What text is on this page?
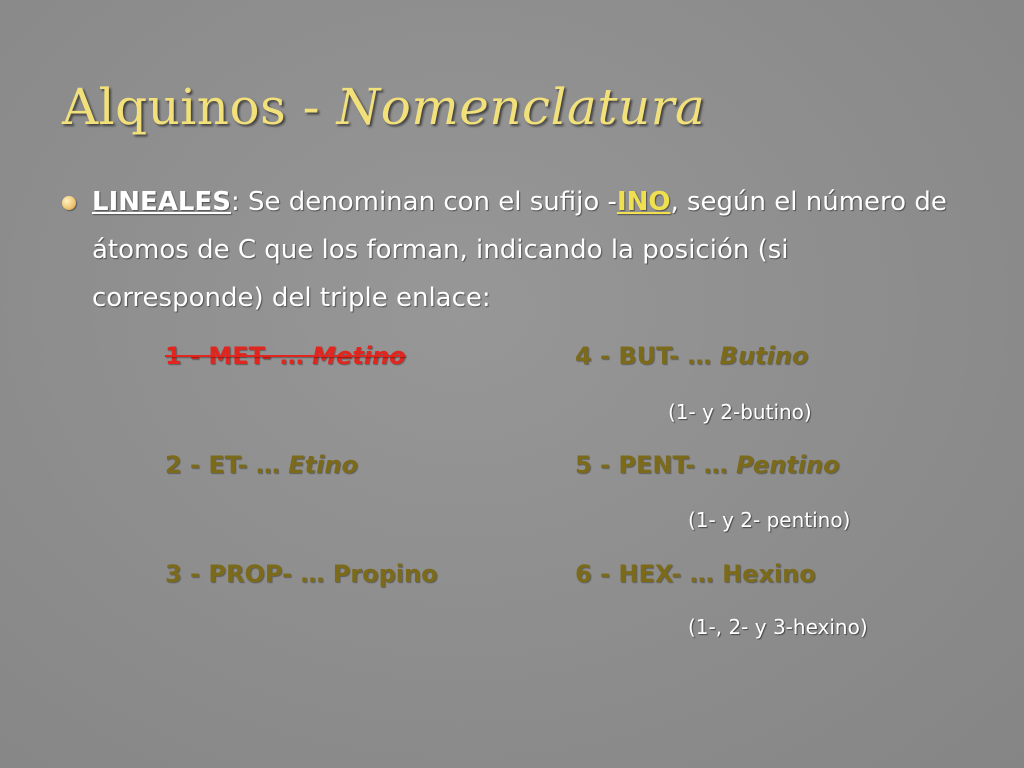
Alquinos - Nomenclatura
LINEALES: Se denominan con el sufijo -INO, según el número de átomos de C que los forman, indicando la posición (si corresponde) del triple enlace:
1 - MET- … Metino
2 - ET- … Etino
3 - PROP- … Propino
4 - BUT- … Butino
(1- y 2-butino)
5 - PENT- … Pentino
(1- y 2- pentino)
6 - HEX- … Hexino
(1-, 2- y 3-hexino)
